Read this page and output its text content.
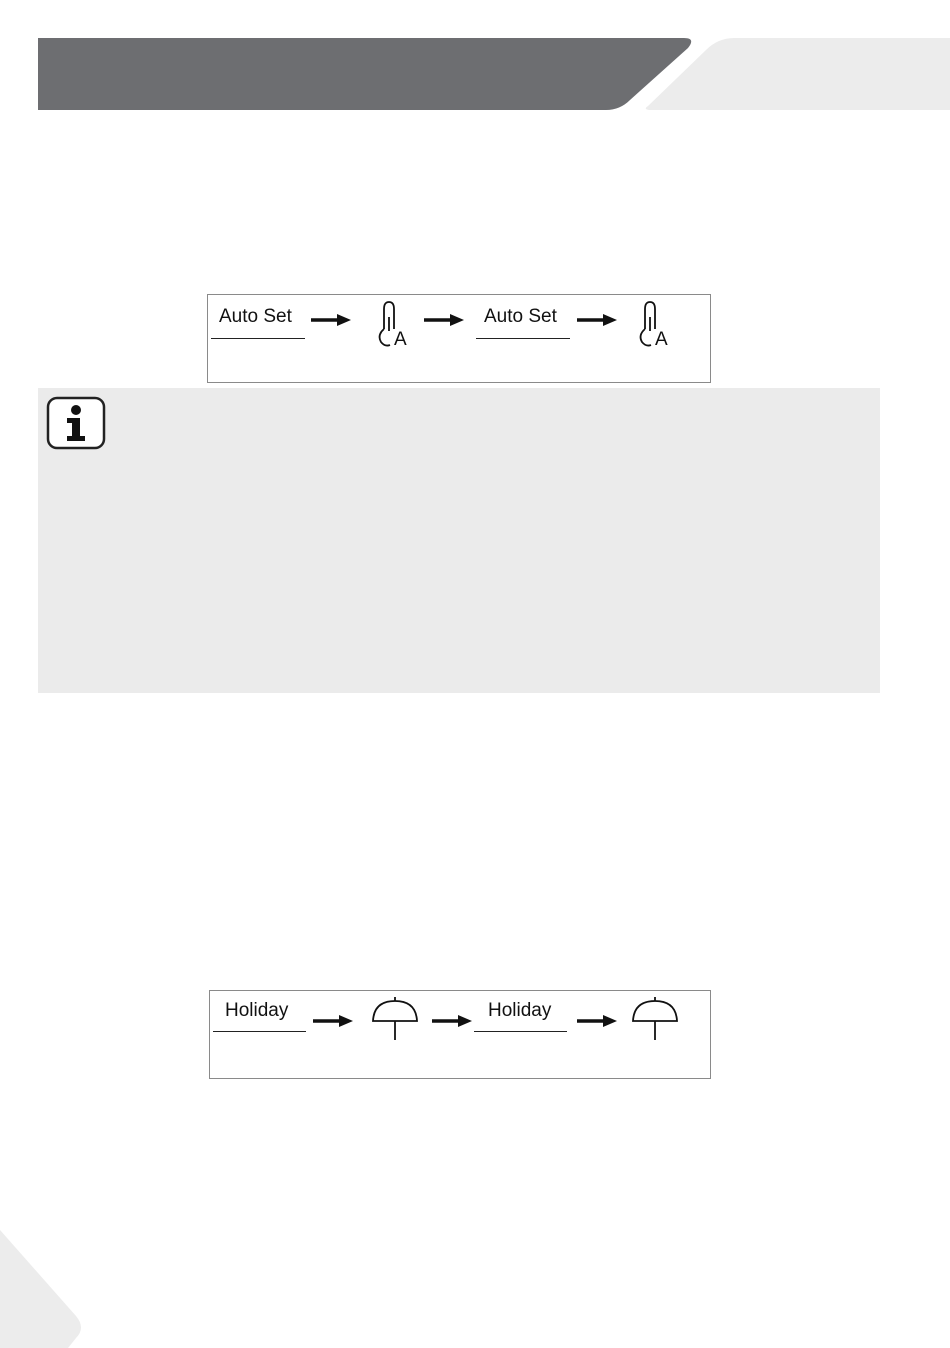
Auto Set
A
Auto Set
A
Holiday	Holiday
